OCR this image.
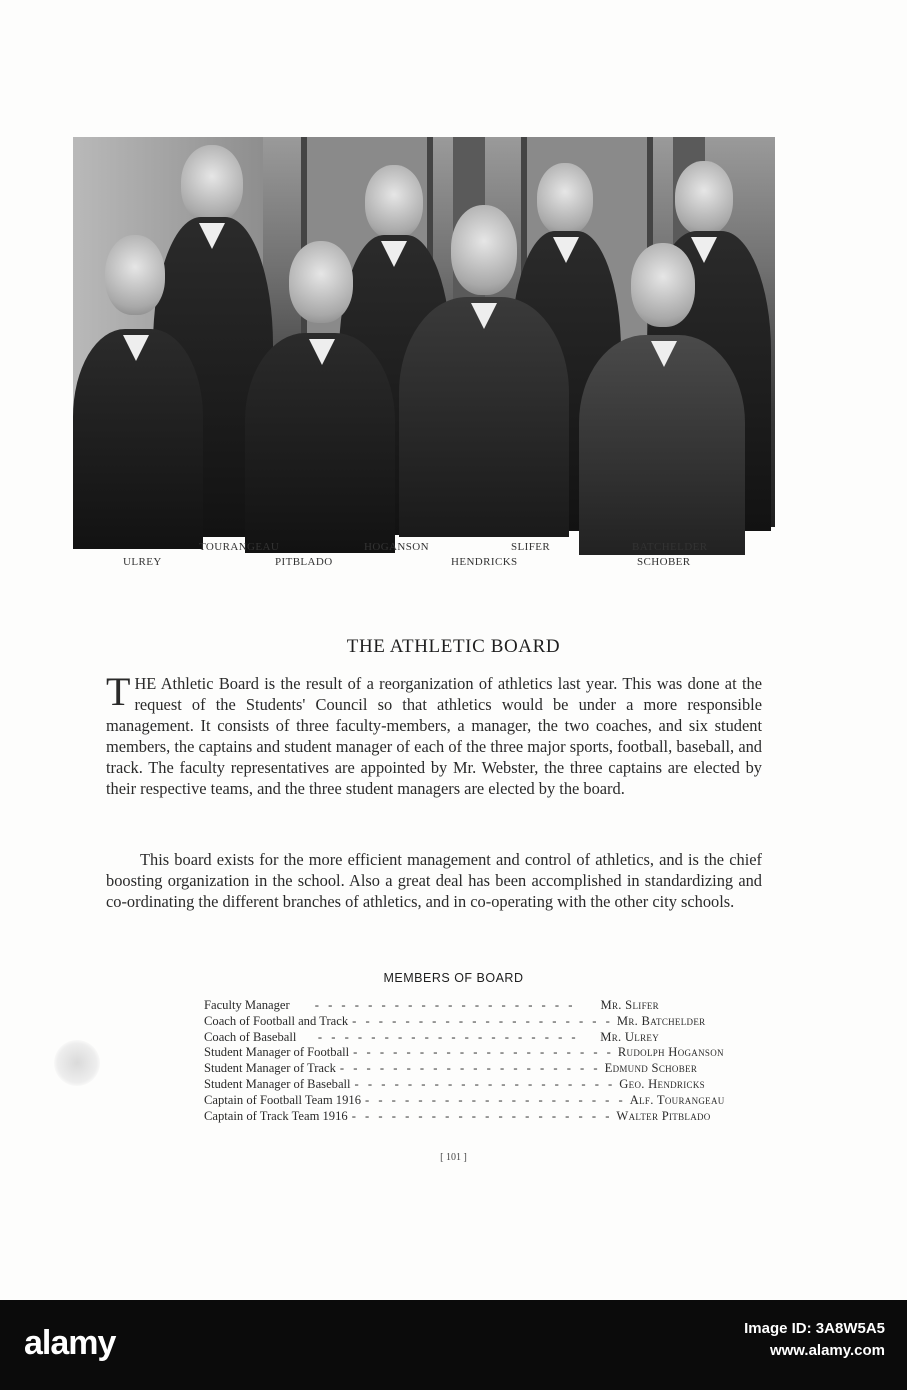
TOURANGEAU	HOGANSON	SLIFER	BATCHELDER
ULREY	PITBLADO	HENDRICKS	SCHOBER
THE ATHLETIC BOARD
THE Athletic Board is the result of a reorganization of athletics last year. This was done at the request of the Students' Council so that athletics would be under a more responsible management. It consists of three faculty-members, a manager, the two coaches, and six student members, the captains and student manager of each of the three major sports, football, baseball, and track. The faculty representatives are appointed by Mr. Webster, the three captains are elected by their respective teams, and the three student managers are elected by the board.
This board exists for the more efficient management and control of athletics, and is the chief boosting organization in the school. Also a great deal has been accomplished in standardizing and co-ordinating the different branches of athletics, and in co-operating with the other city schools.
MEMBERS OF BOARD
Faculty Manager	- - - - - - - - - - - - - - - - - - - -	Mr. Slifer
Coach of Football and Track - - - - - - - - - - - - - - - - - - - - Mr. Batchelder
Coach of Baseball	- - - - - - - - - - - - - - - - - - - -	Mr. Ulrey
Student Manager of Football - - - - - - - - - - - - - - - - - - - - Rudolph Hoganson
Student Manager of Track - - - - - - - - - - - - - - - - - - - - Edmund Schober
Student Manager of Baseball - - - - - - - - - - - - - - - - - - - - Geo. Hendricks
Captain of Football Team 1916 - - - - - - - - - - - - - - - - - - - - Alf. Tourangeau
Captain of Track Team 1916 - - - - - - - - - - - - - - - - - - - - Walter Pitblado
[ 101 ]
alamy	Image ID: 3A8W5A5
www.alamy.com
